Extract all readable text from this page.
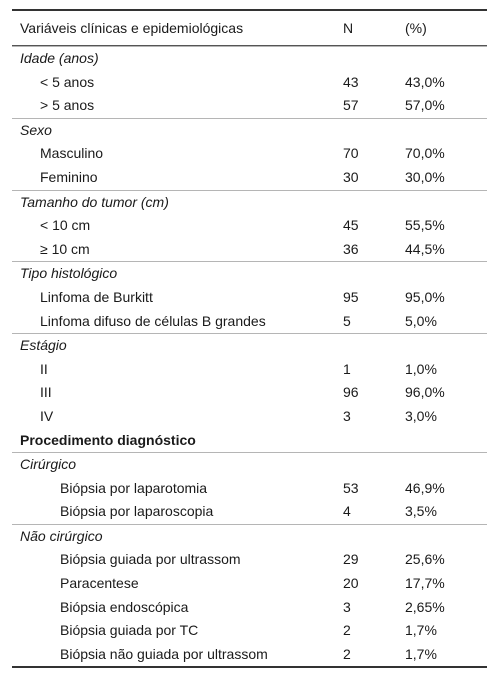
Variáveis clínicas e epidemiológicas	N	(%)
Idade (anos)
< 5 anos	43	43,0%
> 5 anos	57	57,0%
Sexo
Masculino	70	70,0%
Feminino	30	30,0%
Tamanho do tumor (cm)
< 10 cm	45	55,5%
≥ 10 cm	36	44,5%
Tipo histológico
Linfoma de Burkitt	95	95,0%
Linfoma difuso de células B grandes	5	5,0%
Estágio
II	1	1,0%
III	96	96,0%
IV	3	3,0%
Procedimento diagnóstico
Cirúrgico
Biópsia por laparotomia	53	46,9%
Biópsia por laparoscopia	4	3,5%
Não cirúrgico
Biópsia guiada por ultrassom	29	25,6%
Paracentese	20	17,7%
Biópsia endoscópica	3	2,65%
Biópsia guiada por TC	2	1,7%
Biópsia não guiada por ultrassom	2	1,7%
